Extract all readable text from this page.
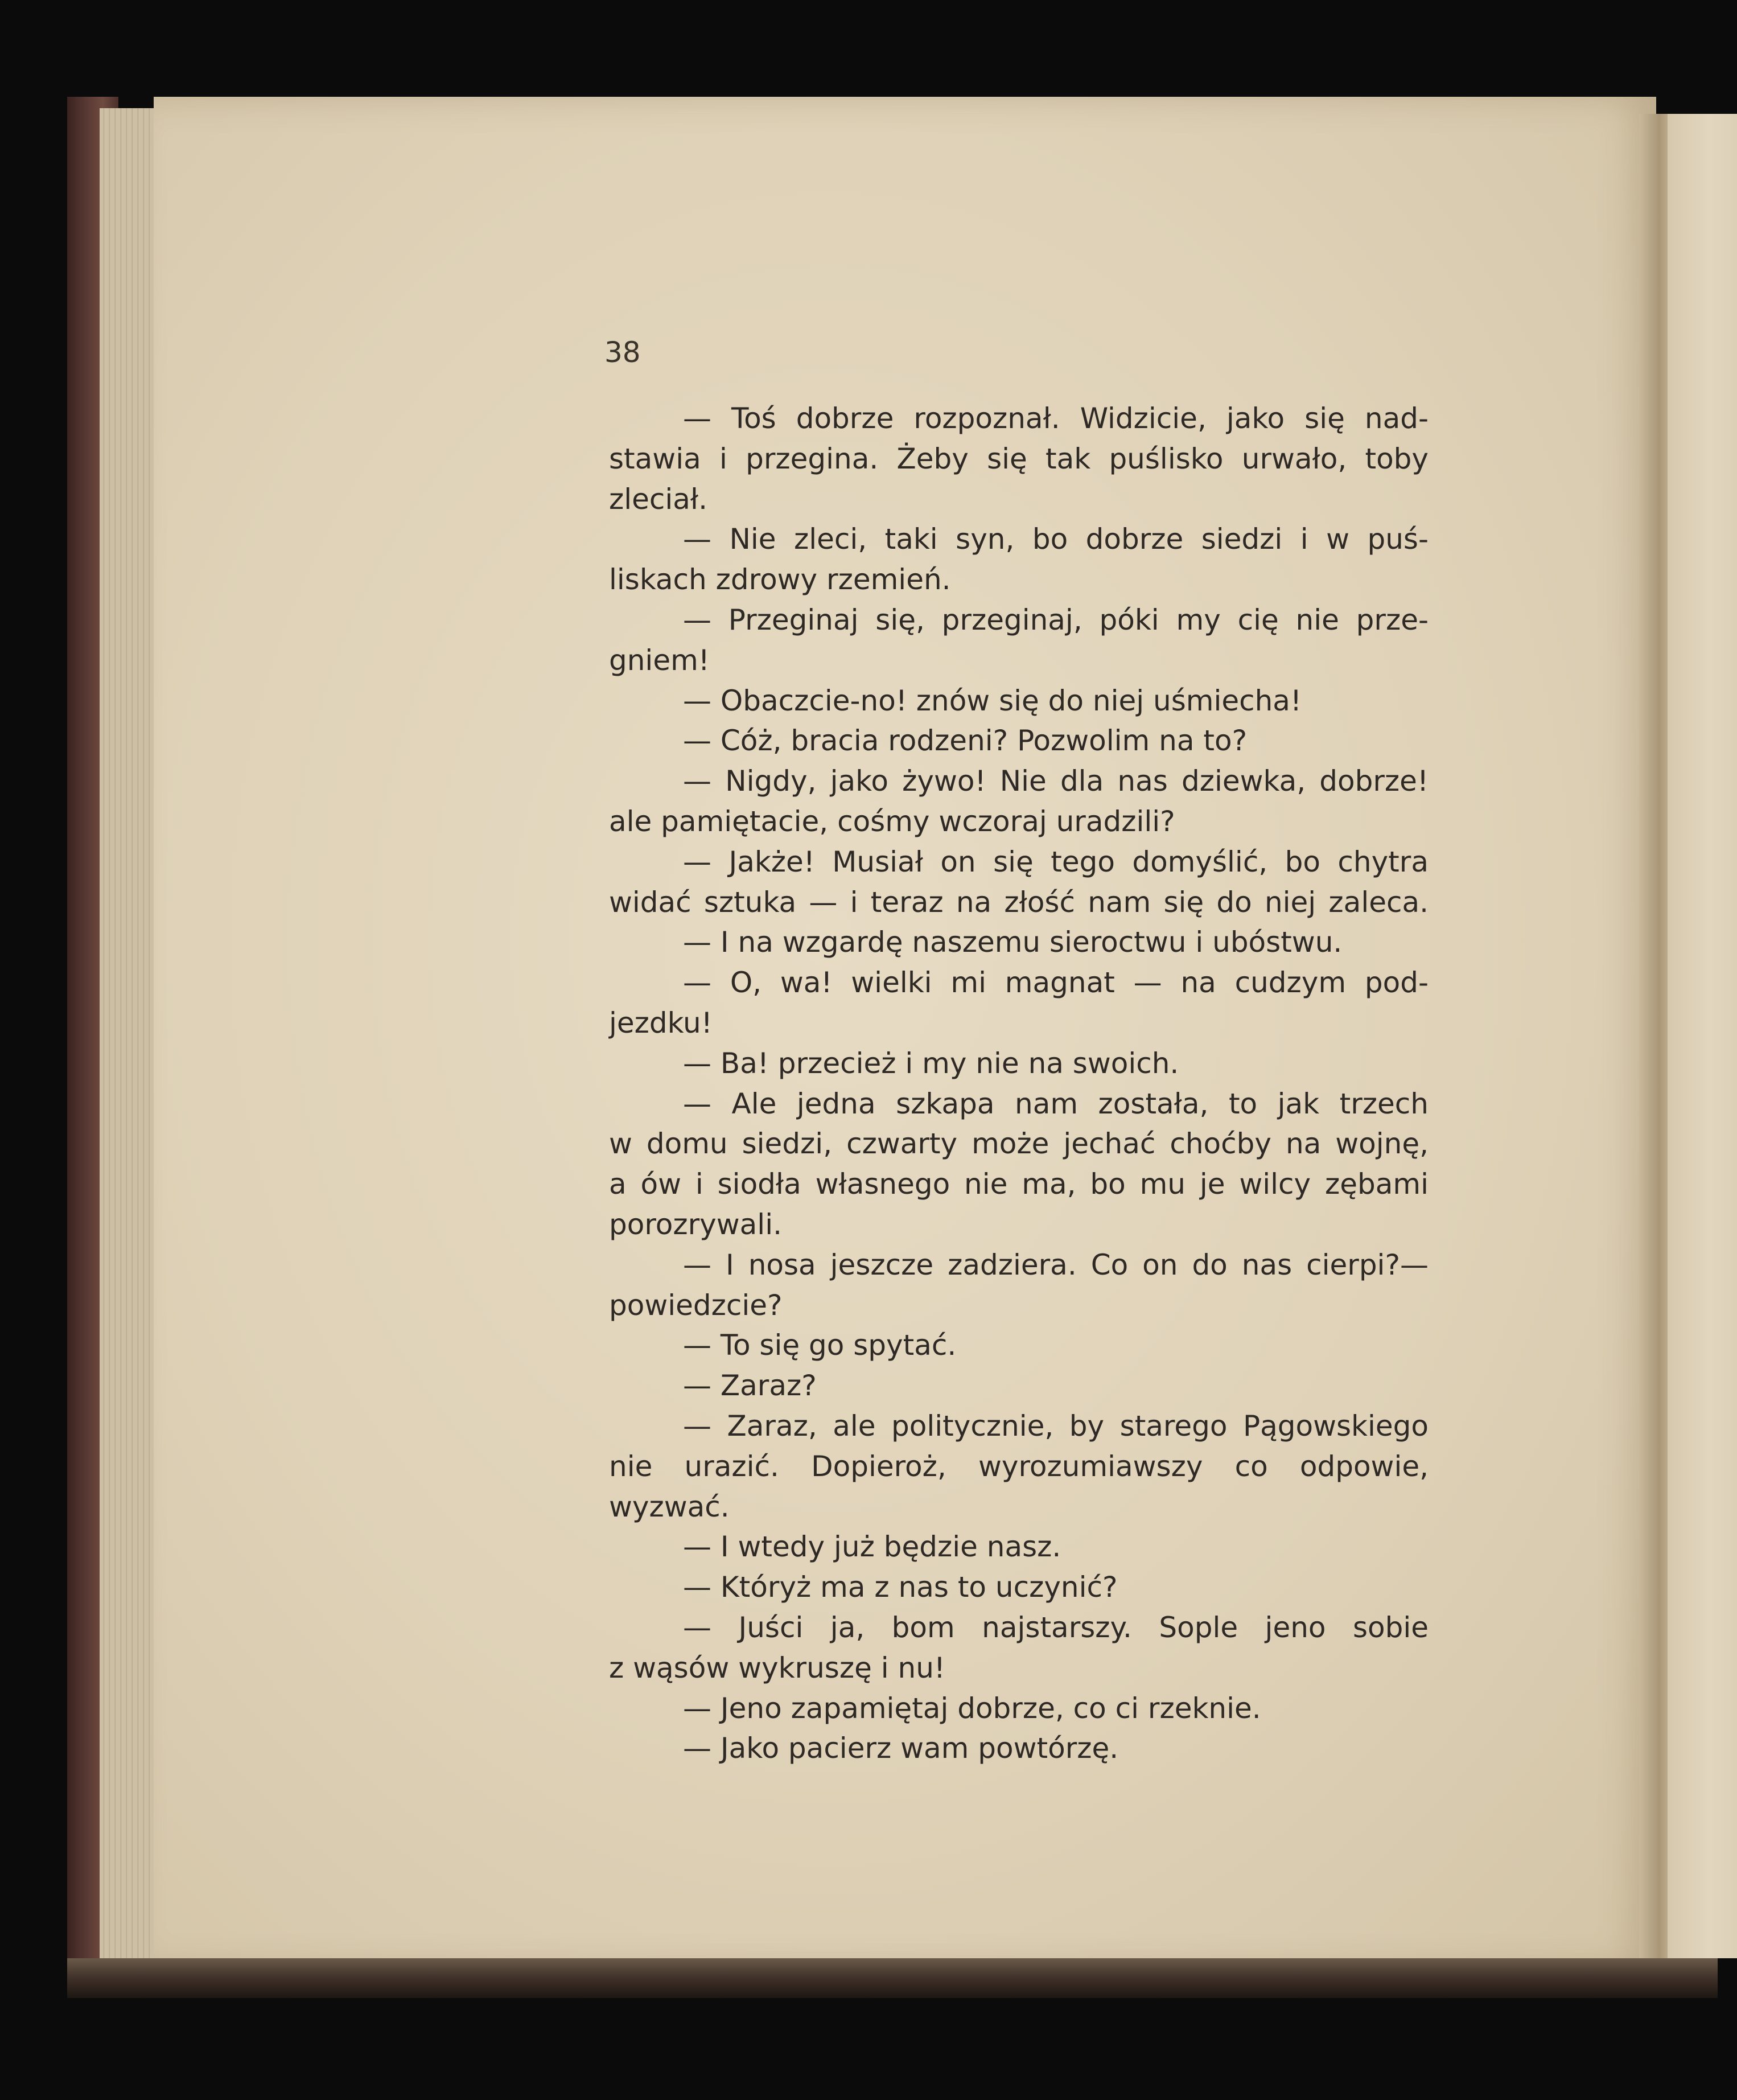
38
— Toś dobrze rozpoznał. Widzicie, jako się nad-
stawia i przegina. Żeby się tak puślisko urwało, toby
zleciał.
— Nie zleci, taki syn, bo dobrze siedzi i w puś-
liskach zdrowy rzemień.
— Przeginaj się, przeginaj, póki my cię nie prze-
gniem!
— Obaczcie-no! znów się do niej uśmiecha!
— Cóż, bracia rodzeni? Pozwolim na to?
— Nigdy, jako żywo! Nie dla nas dziewka, dobrze!
ale pamiętacie, cośmy wczoraj uradzili?
— Jakże! Musiał on się tego domyślić, bo chytra
widać sztuka — i teraz na złość nam się do niej zaleca.
— I na wzgardę naszemu sieroctwu i ubóstwu.
— O, wa! wielki mi magnat — na cudzym pod-
jezdku!
— Ba! przecież i my nie na swoich.
— Ale jedna szkapa nam została, to jak trzech
w domu siedzi, czwarty może jechać choćby na wojnę,
a ów i siodła własnego nie ma, bo mu je wilcy zębami
porozrywali.
— I nosa jeszcze zadziera. Co on do nas cierpi?—
powiedzcie?
— To się go spytać.
— Zaraz?
— Zaraz, ale politycznie, by starego Pągowskiego
nie urazić. Dopieroż, wyrozumiawszy co odpowie,
wyzwać.
— I wtedy już będzie nasz.
— Któryż ma z nas to uczynić?
— Juści ja, bom najstarszy. Sople jeno sobie
z wąsów wykruszę i nu!
— Jeno zapamiętaj dobrze, co ci rzeknie.
— Jako pacierz wam powtórzę.
